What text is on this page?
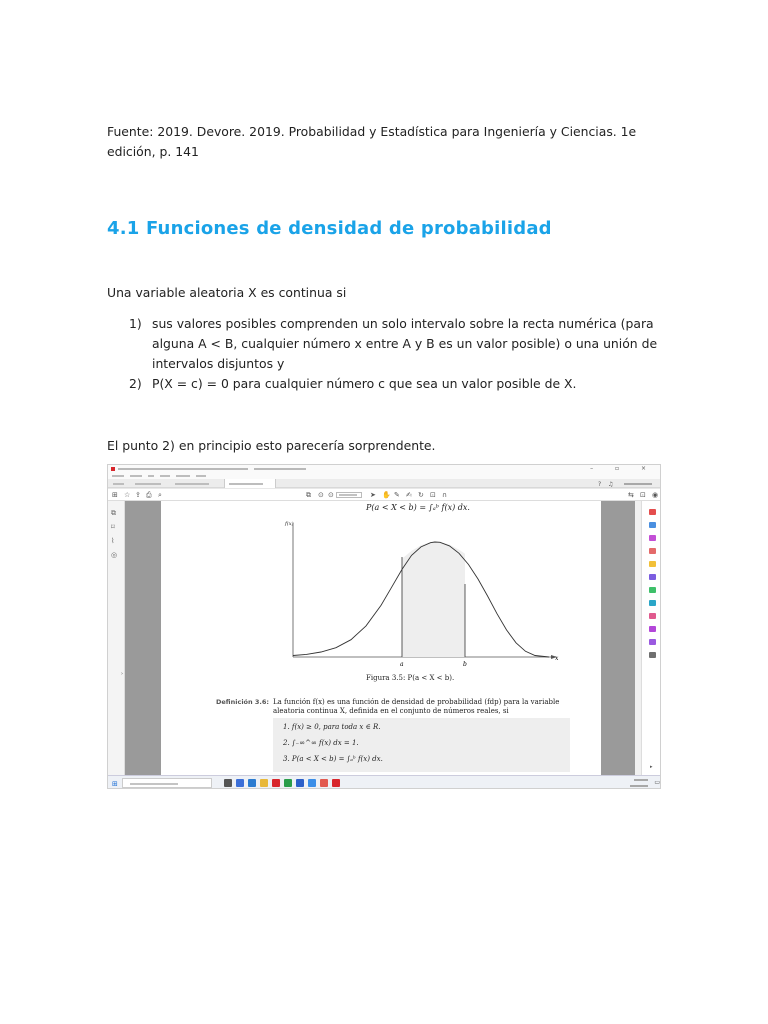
Fuente: 2019. Devore. 2019. Probabilidad y Estadística para Ingeniería y Ciencias. 1e edición, p. 141
4.1 Funciones de densidad de probabilidad
Una variable aleatoria X es continua si
1) sus valores posibles comprenden un solo intervalo sobre la recta numérica (para alguna A < B, cualquier número x entre A y B es un valor posible) o una unión de intervalos disjuntos y
2) P(X = c) = 0 para cualquier número c que sea un valor posible de X.
El punto 2) en principio esto parecería sorprendente.
– ▫ ×
? ♫
⊞ ☆ ⇪ ⎙ ⌕	⧉ ⊙ ⊙	➤ ✋ ✎ ✍ ↻ ⊡ ∩	⇆ ⊡ ◉
⧉
⌑
⌇
◎
›
P(a < X < b) = ∫ₐᵇ f(x) dx.
f(x)
a	b
x
Figura 3.5: P(a < X < b).
Definición 3.6: La función f(x) es una función de densidad de probabilidad (fdp) para la variable aleatoria continua X, definida en el conjunto de números reales, si
1. f(x) ≥ 0, para toda x ∈ R.
2. ∫₋∞^∞ f(x) dx = 1.
3. P(a < X < b) = ∫ₐᵇ f(x) dx.
▸
⊞	▭
